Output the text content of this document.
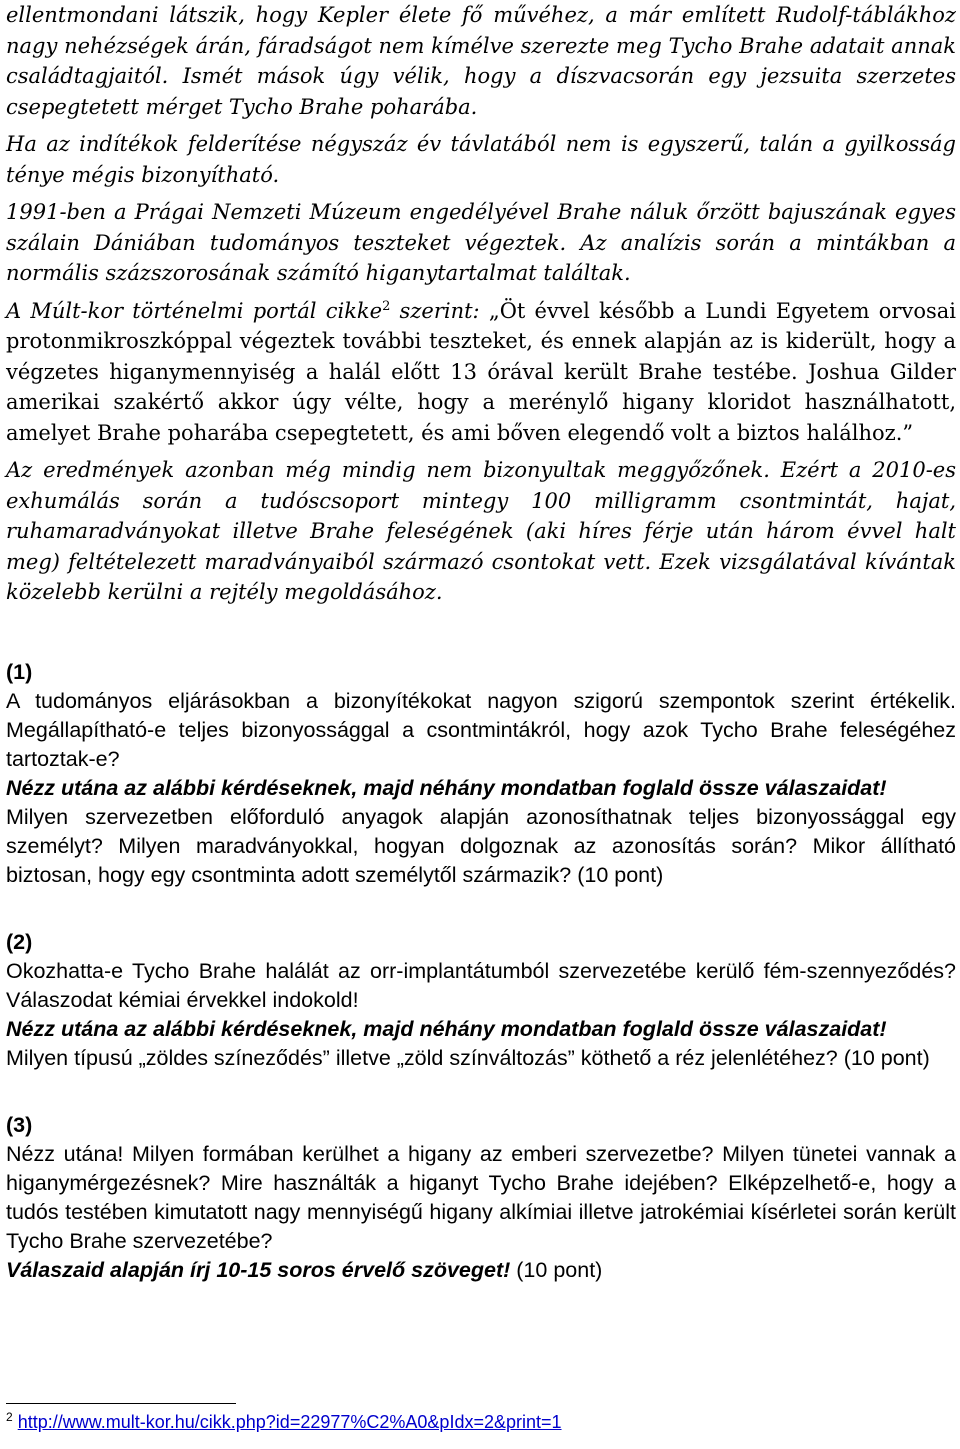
ellentmondani látszik, hogy Kepler élete fő művéhez, a már említett Rudolf-táblákhoz nagy nehézségek árán, fáradságot nem kímélve szerezte meg Tycho Brahe adatait annak családtagjaitól. Ismét mások úgy vélik, hogy a díszvacsorán egy jezsuita szerzetes csepegtetett mérget Tycho Brahe poharába.

Ha az indítékok felderítése négyszáz év távlatából nem is egyszerű, talán a gyilkosság ténye mégis bizonyítható.

1991-ben a Prágai Nemzeti Múzeum engedélyével Brahe náluk őrzött bajuszának egyes szálain Dániában tudományos teszteket végeztek. Az analízis során a mintákban a normális százszorosának számító higanytartalmat találtak.

A Múlt-kor történelmi portál cikke$^2$ szerint: „Öt évvel később a Lundi Egyetem orvosai protonmikroszkóppal végeztek további teszteket, és ennek alapján az is kiderült, hogy a végzetes higanymennyiség a halál előtt 13 órával került Brahe testébe. Joshua Gilder amerikai szakértő akkor úgy vélte, hogy a merénylő higany kloridot használhatott, amelyet Brahe poharába csepegtetett, és ami bőven elegendő volt a biztos halálhoz.”

Az eredmények azonban még mindig nem bizonyultak meggyőzőnek. Ezért a 2010-es exhumálás során a tudóscsoport mintegy 100 milligramm csontmintát, hajat, ruhamaradványokat illetve Brahe feleségének (aki híres férje után három évvel halt meg) feltételezett maradványaiból származó csontokat vett. Ezek vizsgálatával kívántak közelebb kerülni a rejtély megoldásához.

(1)

A tudományos eljárásokban a bizonyítékokat nagyon szigorú szempontok szerint értékelik. Megállapítható-e teljes bizonyossággal a csontmintákról, hogy azok Tycho Brahe feleségéhez tartoztak-e?

Nézz utána az alábbi kérdéseknek, majd néhány mondatban foglald össze válaszaidat!

Milyen szervezetben előforduló anyagok alapján azonosíthatnak teljes bizonyossággal egy személyt? Milyen maradványokkal, hogyan dolgoznak az azonosítás során? Mikor állítható biztosan, hogy egy csontminta adott személytől származik? (10 pont)

(2)

Okozhatta-e Tycho Brahe halálát az orr-implantátumból szervezetébe kerülő fém-szennyeződés? Válaszodat kémiai érvekkel indokold!

Nézz utána az alábbi kérdéseknek, majd néhány mondatban foglald össze válaszaidat!

Milyen típusú „zöldes színeződés” illetve „zöld színváltozás” köthető a réz jelenlétéhez? (10 pont)

(3)

Nézz utána! Milyen formában kerülhet a higany az emberi szervezetbe? Milyen tünetei vannak a higanymérgezésnek? Mire használták a higanyt Tycho Brahe idejében? Elképzelhető-e, hogy a tudós testében kimutatott nagy mennyiségű higany alkímiai illetve jatrokémiai kísérletei során került Tycho Brahe szervezetébe?

Válaszaid alapján írj 10-15 soros érvelő szöveget! (10 pont)

$^2$ http://www.mult-kor.hu/cikk.php?id=22977%C2%A0&pIdx=2&print=1
